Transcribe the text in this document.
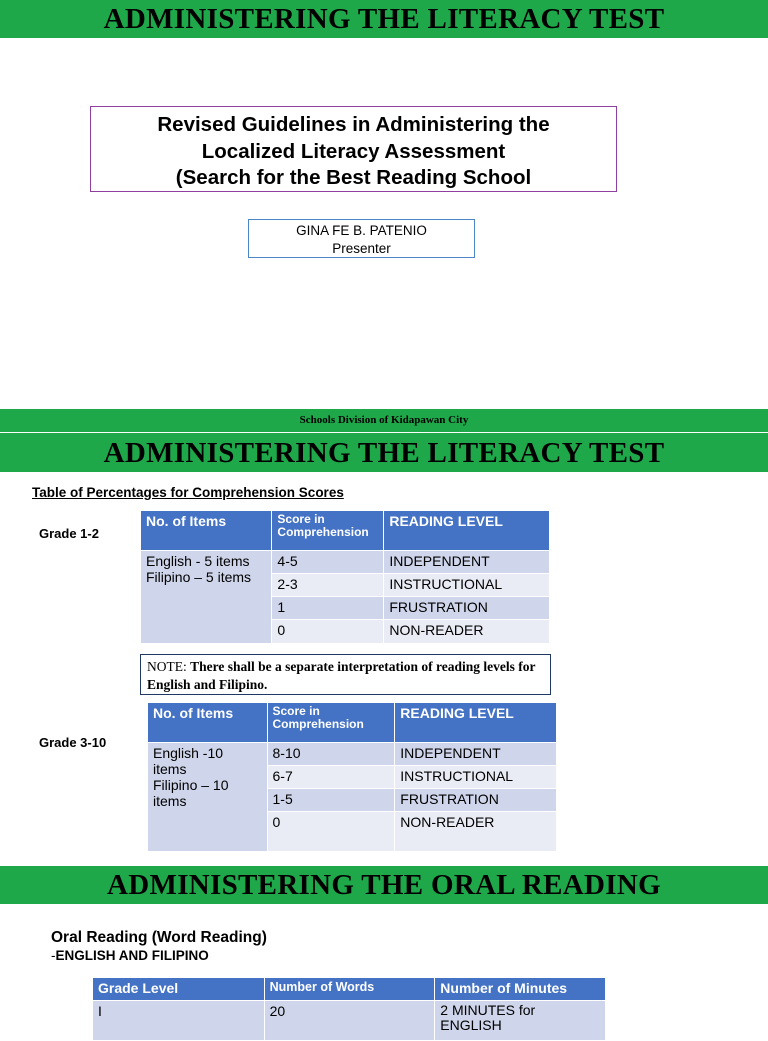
ADMINISTERING THE LITERACY TEST
Revised Guidelines in Administering the
Localized Literacy Assessment
(Search for the Best Reading School
GINA FE B. PATENIO
Presenter
Schools Division of Kidapawan City
ADMINISTERING THE LITERACY TEST
Table of Percentages for Comprehension Scores
Grade 1-2
No. of Items	Score in Comprehension	READING LEVEL

English - 5 items
Filipino – 5 items	4-5	INDEPENDENT
	2-3	INSTRUCTIONAL
	1	FRUSTRATION
	0	NON-READER
NOTE: There shall be a separate interpretation of reading levels for English and Filipino.
Grade 3-10
No. of Items	Score in Comprehension	READING LEVEL

English -10
items
Filipino – 10
items	8-10	INDEPENDENT
	6-7	INSTRUCTIONAL
	1-5	FRUSTRATION
	0	NON-READER
ADMINISTERING THE ORAL READING
Oral Reading (Word Reading)
-ENGLISH AND FILIPINO
Grade Level	Number of Words	Number of Minutes
I	20	2 MINUTES for ENGLISH
